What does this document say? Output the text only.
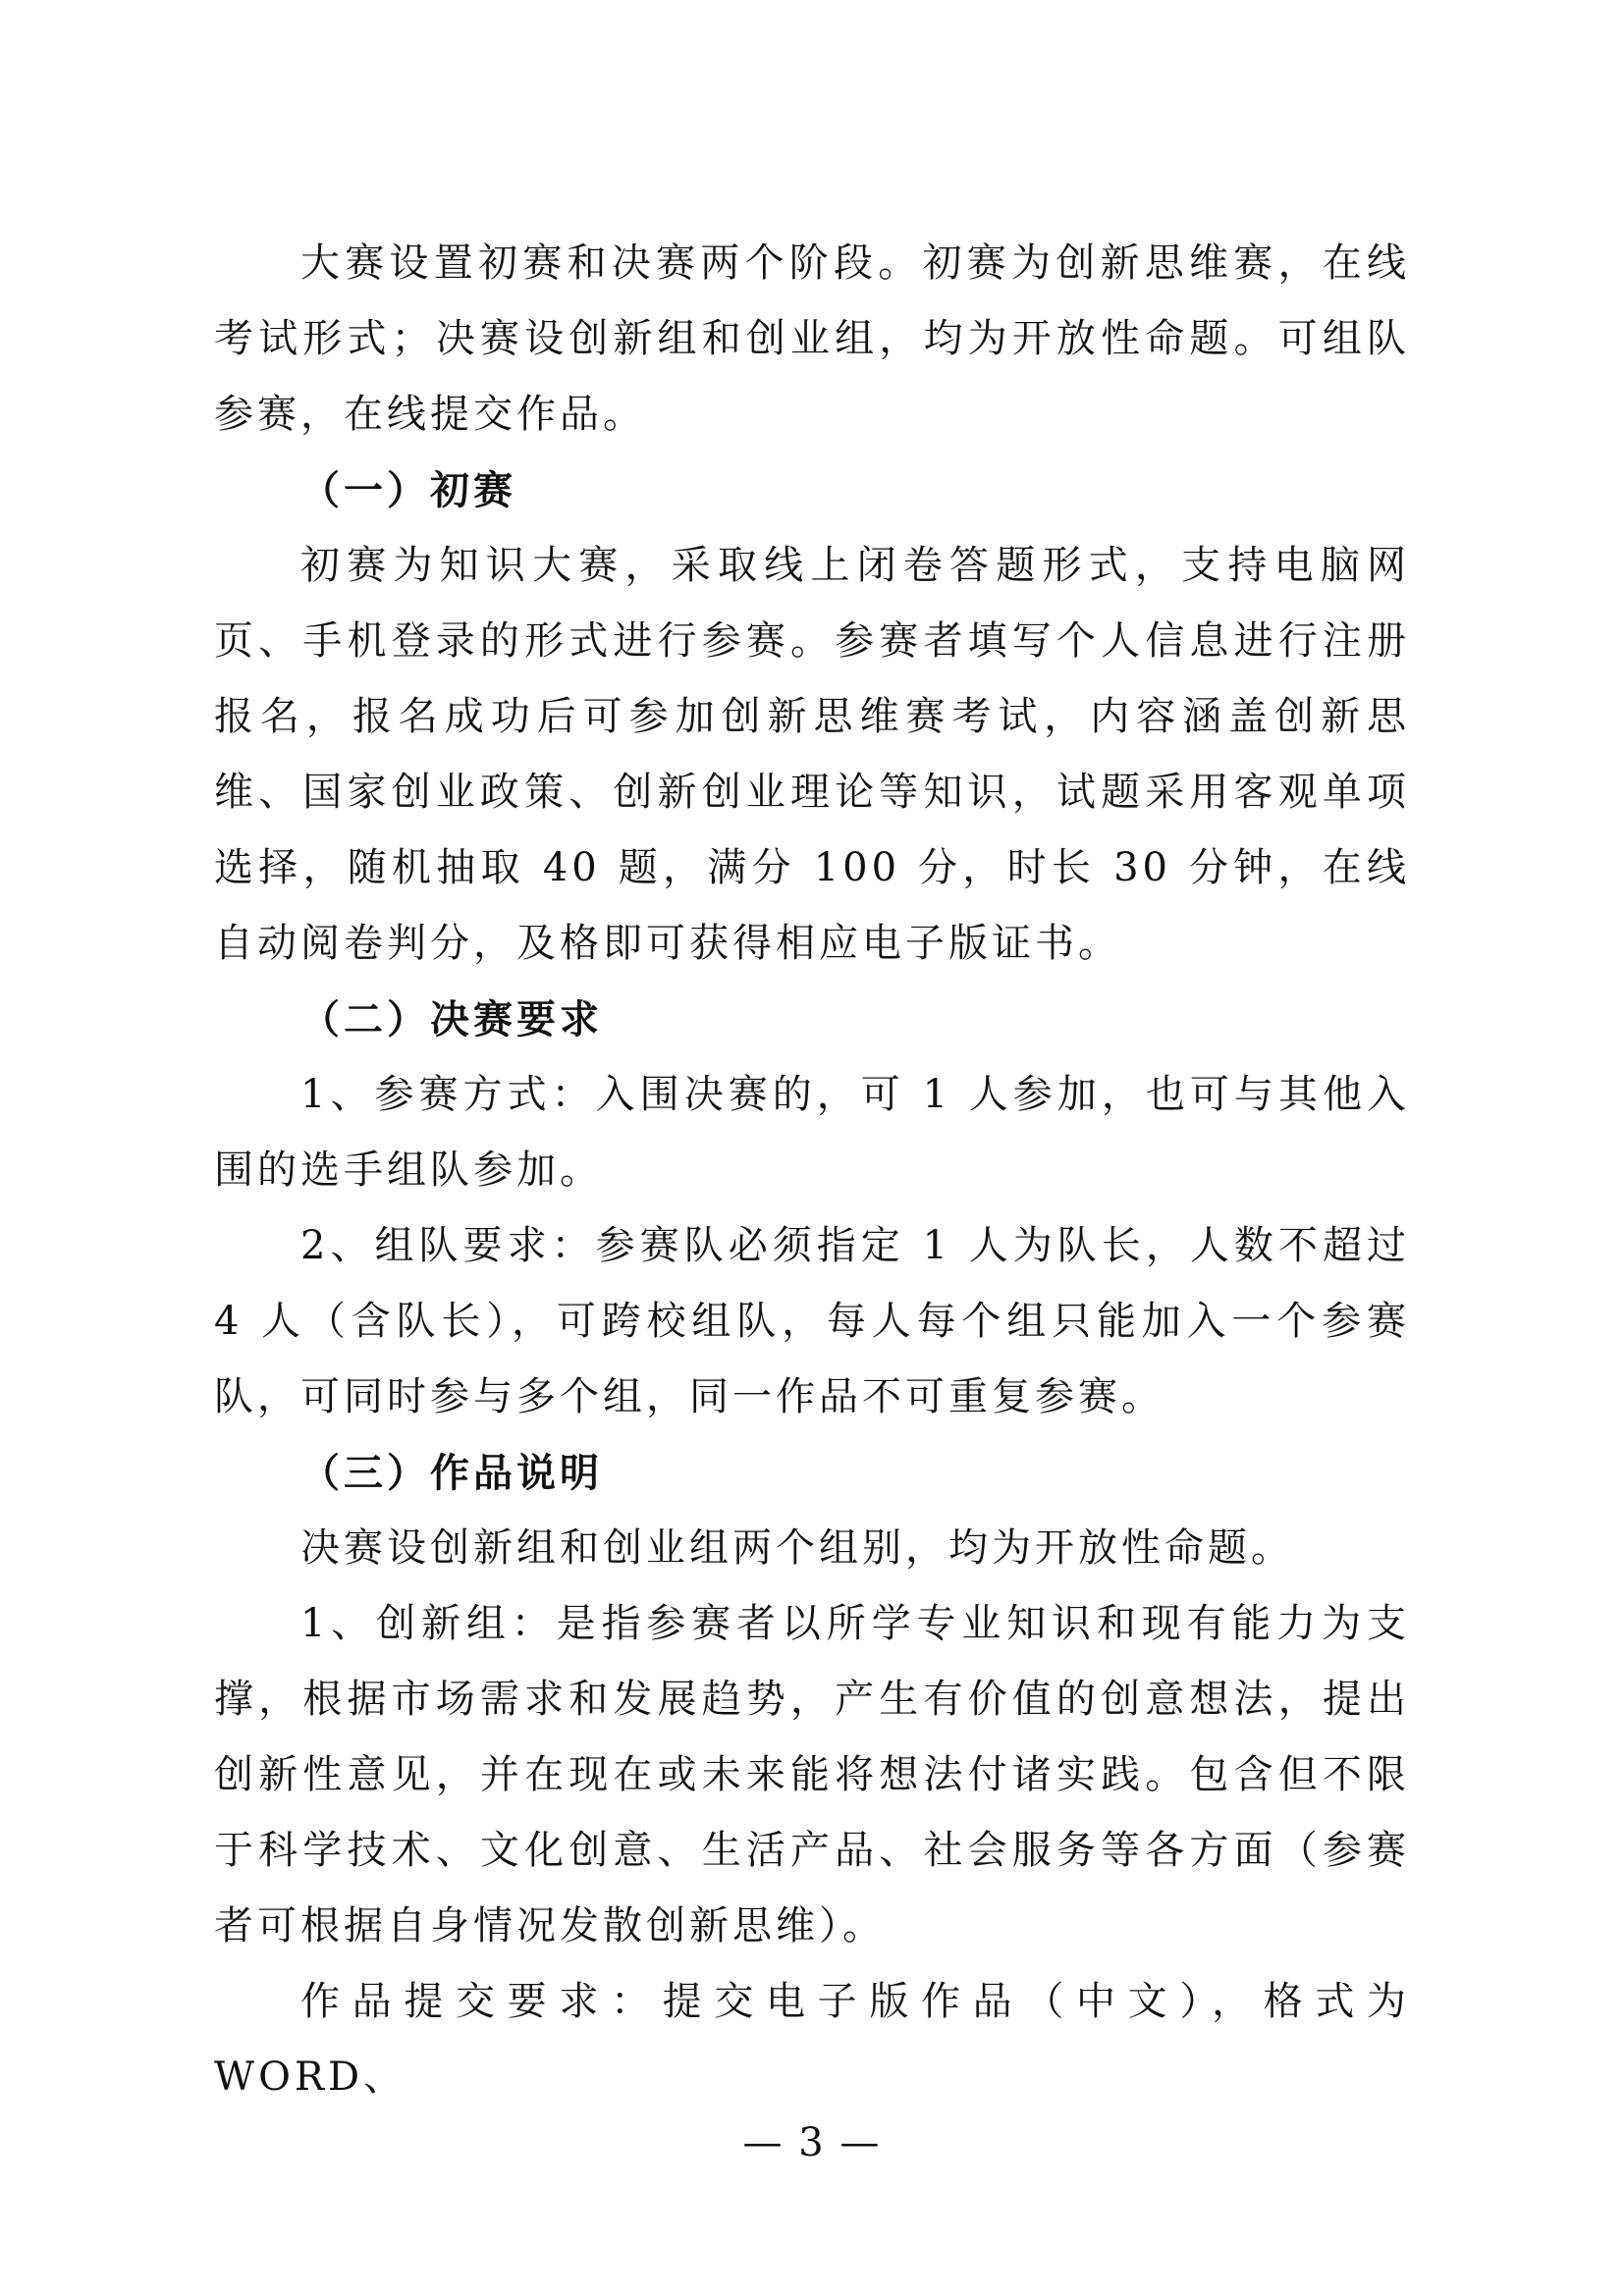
大赛设置初赛和决赛两个阶段。初赛为创新思维赛，在线考试形式；决赛设创新组和创业组，均为开放性命题。可组队参赛，在线提交作品。

（一）初赛

初赛为知识大赛，采取线上闭卷答题形式，支持电脑网页、手机登录的形式进行参赛。参赛者填写个人信息进行注册报名，报名成功后可参加创新思维赛考试，内容涵盖创新思维、国家创业政策、创新创业理论等知识，试题采用客观单项选择，随机抽取 40 题，满分 100 分，时长 30 分钟，在线自动阅卷判分，及格即可获得相应电子版证书。

（二）决赛要求

1、参赛方式：入围决赛的，可 1 人参加，也可与其他入围的选手组队参加。

2、组队要求：参赛队必须指定 1 人为队长，人数不超过 4 人（含队长），可跨校组队，每人每个组只能加入一个参赛队，可同时参与多个组，同一作品不可重复参赛。

（三）作品说明

决赛设创新组和创业组两个组别，均为开放性命题。

1、创新组：是指参赛者以所学专业知识和现有能力为支撑，根据市场需求和发展趋势，产生有价值的创意想法，提出创新性意见，并在现在或未来能将想法付诸实践。包含但不限于科学技术、文化创意、生活产品、社会服务等各方面（参赛者可根据自身情况发散创新思维）。

作品提交要求：提交电子版作品（中文），格式为 WORD、

— 3 —
